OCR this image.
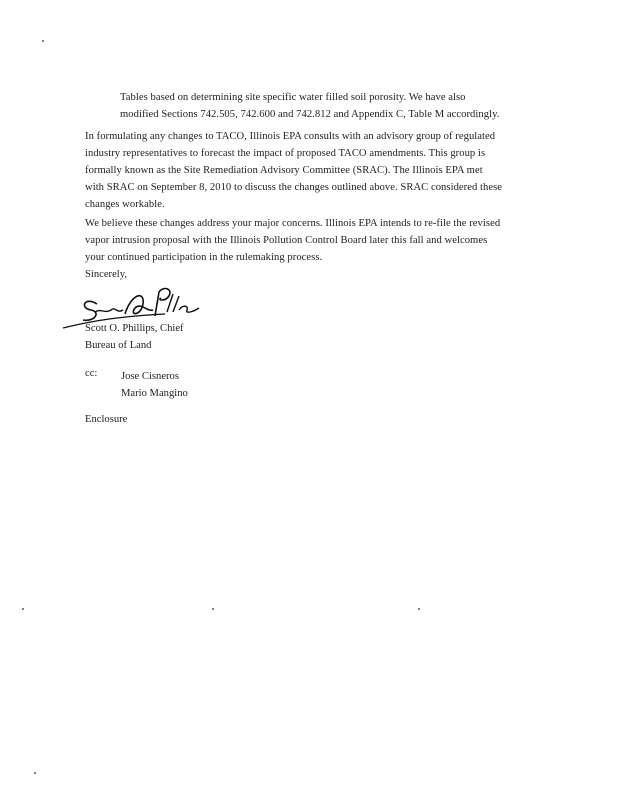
Tables based on determining site specific water filled soil porosity. We have also
modified Sections 742.505, 742.600 and 742.812 and Appendix C, Table M accordingly.

In formulating any changes to TACO, Illinois EPA consults with an advisory group of regulated
industry representatives to forecast the impact of proposed TACO amendments. This group is
formally known as the Site Remediation Advisory Committee (SRAC). The Illinois EPA met
with SRAC on September 8, 2010 to discuss the changes outlined above. SRAC considered these
changes workable.

We believe these changes address your major concerns. Illinois EPA intends to re-file the revised
vapor intrusion proposal with the Illinois Pollution Control Board later this fall and welcomes
your continued participation in the rulemaking process.

Sincerely,
Scott O. Phillips, Chief
Bureau of Land
cc: Jose Cisneros
Mario Mangino
Enclosure
